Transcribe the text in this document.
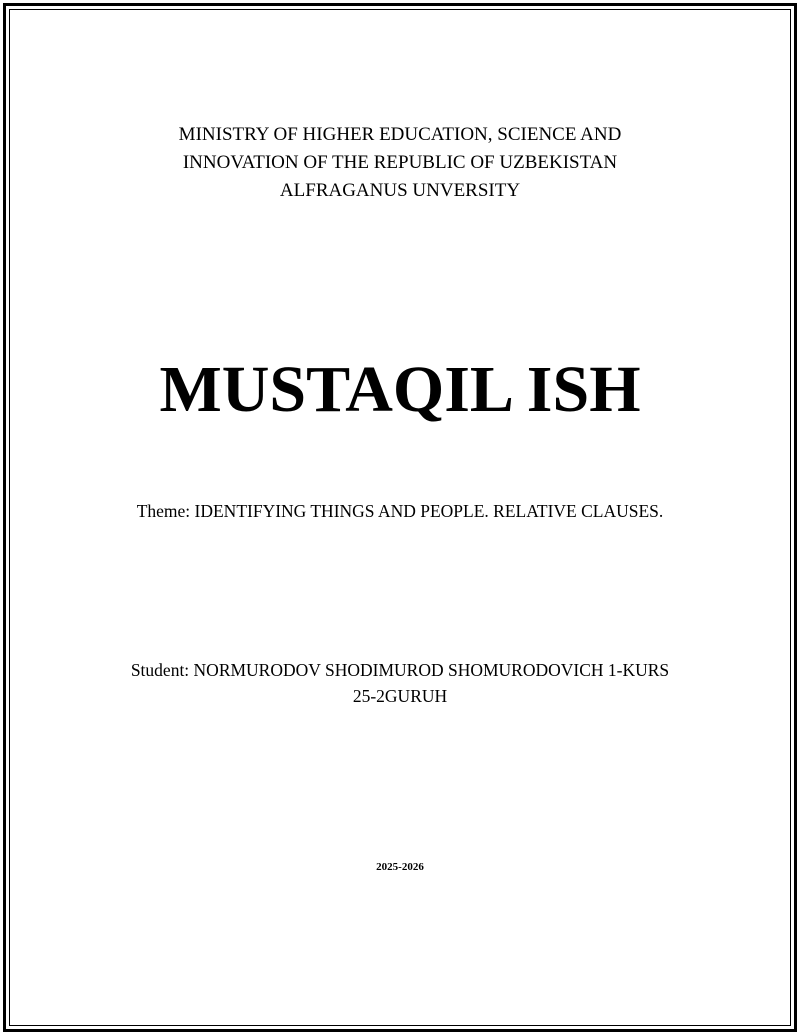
MINISTRY OF HIGHER EDUCATION, SCIENCE AND
INNOVATION OF THE REPUBLIC OF UZBEKISTAN
ALFRAGANUS UNVERSITY
MUSTAQIL ISH
Theme: IDENTIFYING THINGS AND PEOPLE. RELATIVE CLAUSES.
Student: NORMURODOV SHODIMUROD SHOMURODOVICH 1-KURS
25-2GURUH
2025-2026
